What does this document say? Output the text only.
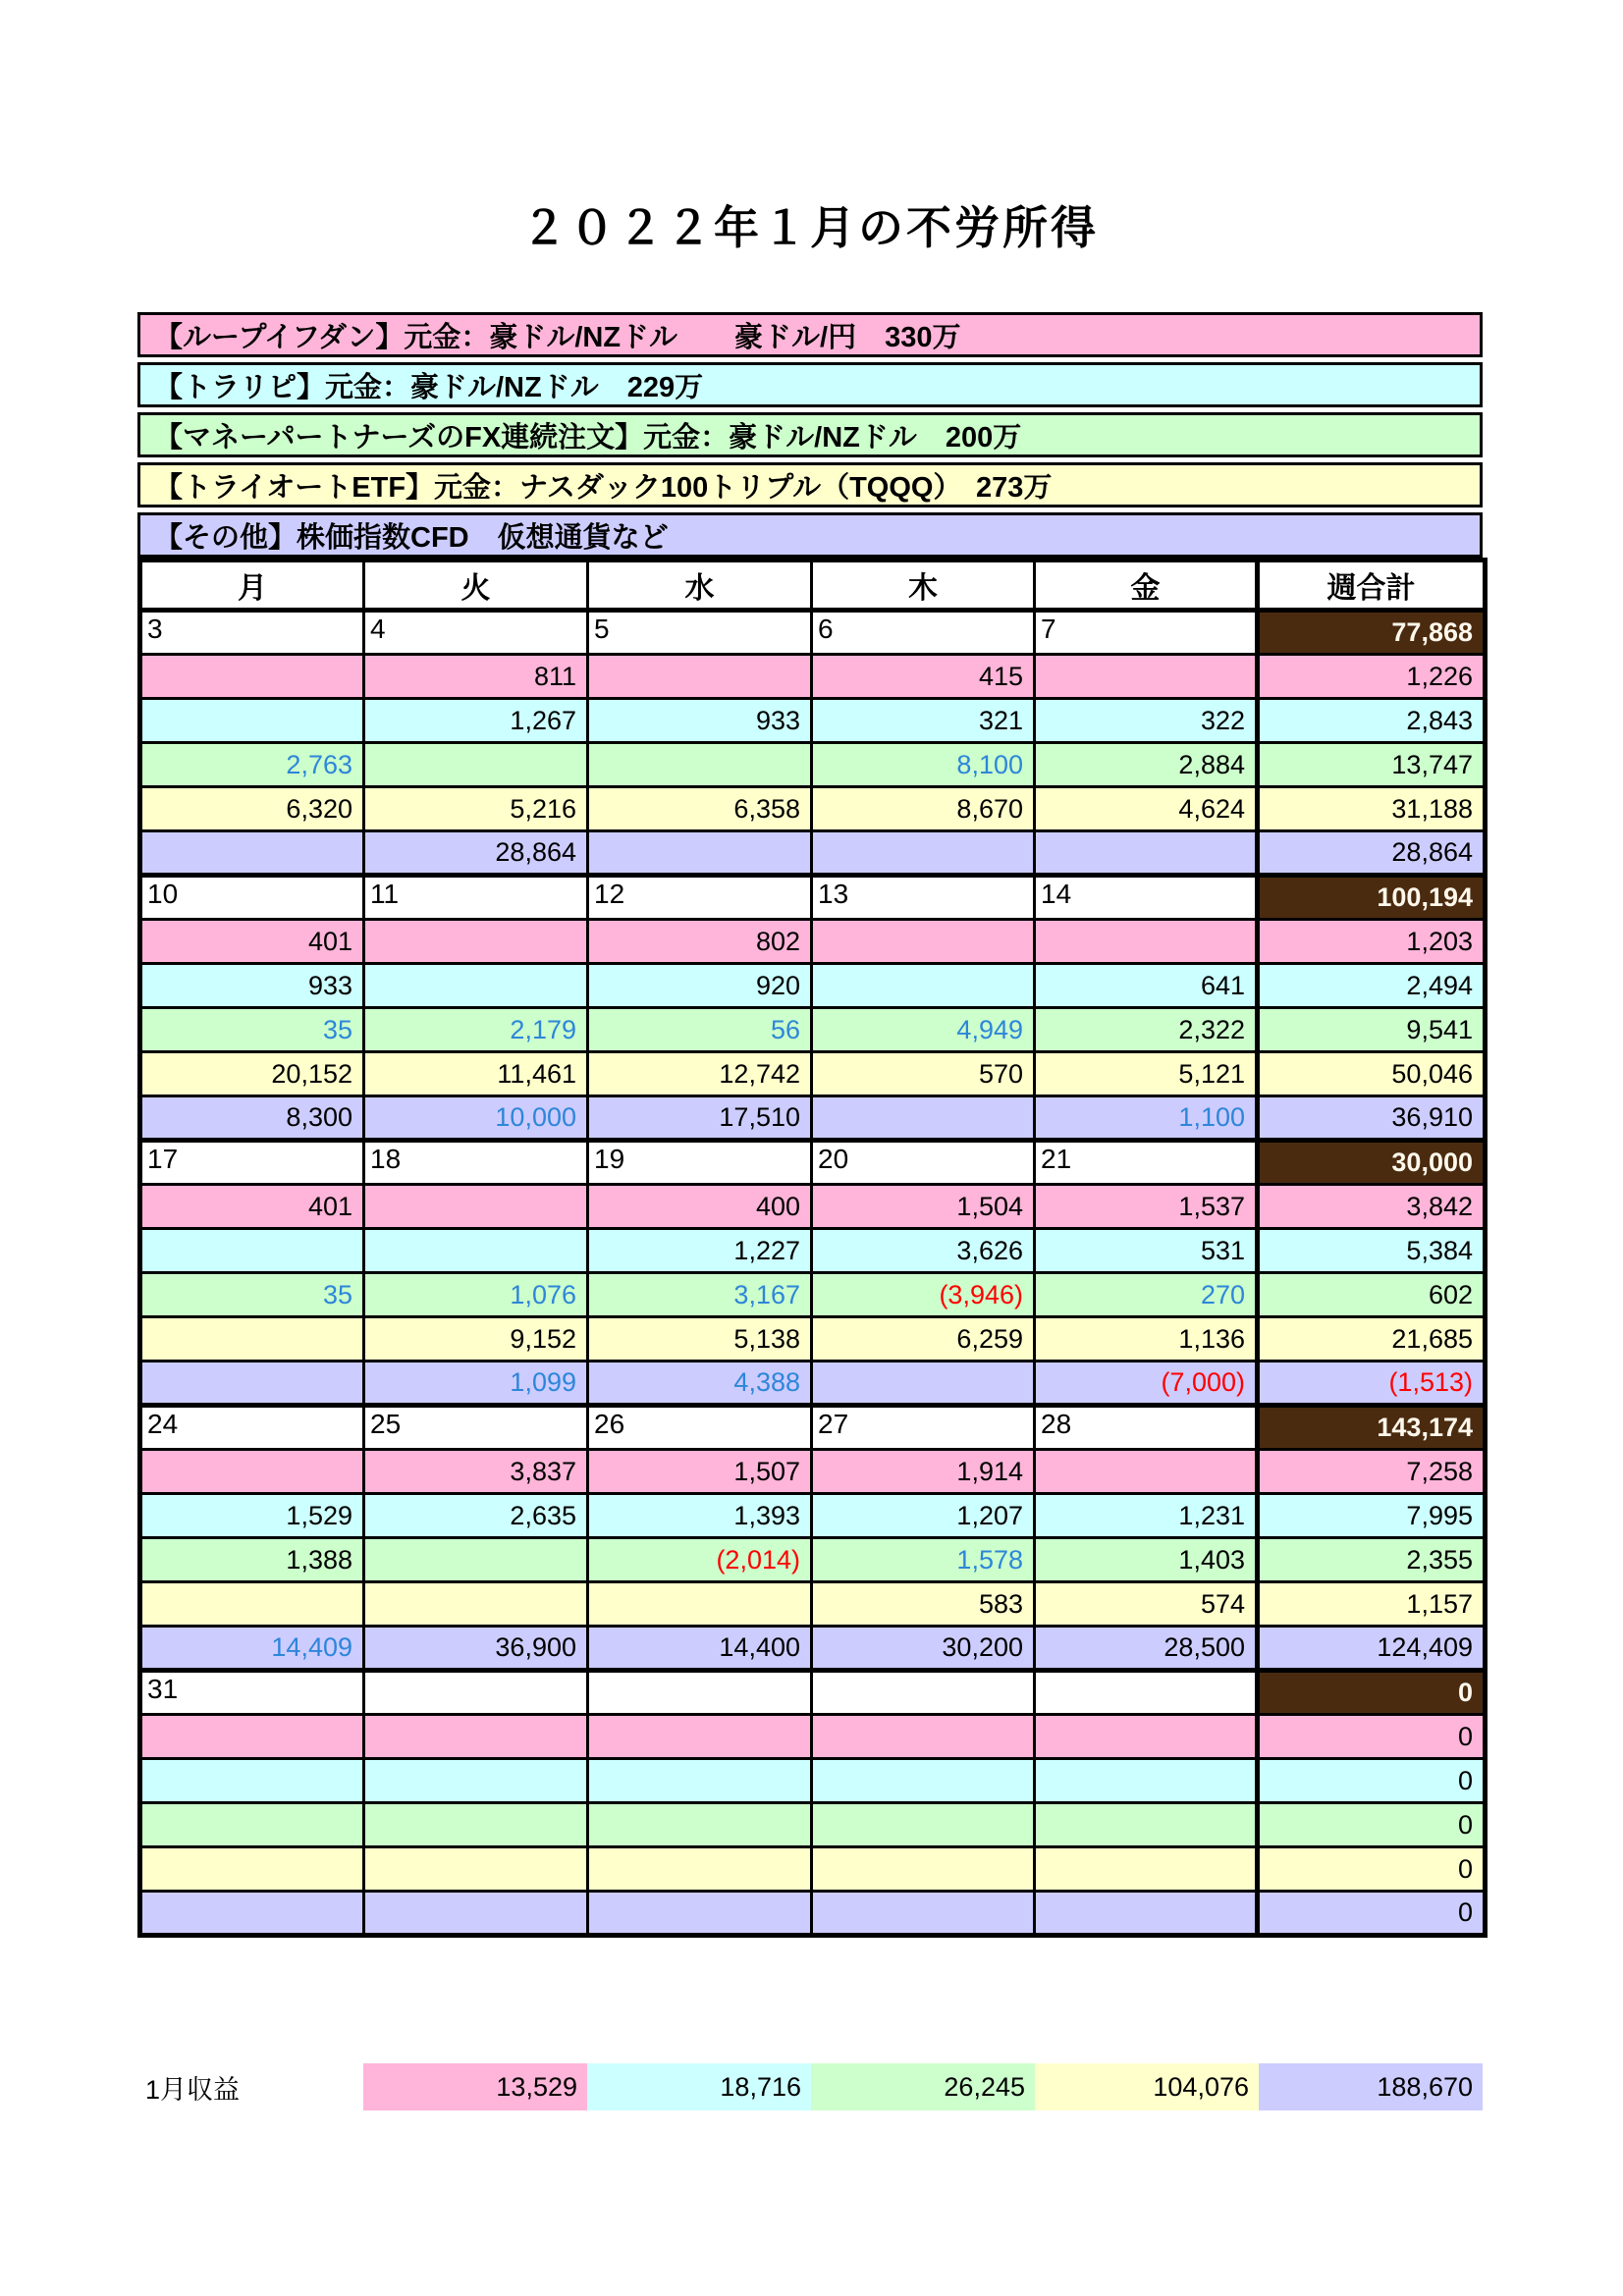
２０２２年１月の不労所得
【ループイフダン】元金：豪ドル/NZドル　　豪ドル/円　330万
【トラリピ】元金：豪ドル/NZドル　229万
【マネーパートナーズのFX連続注文】元金：豪ドル/NZドル　200万
【トライオートETF】元金：ナスダック100トリプル（TQQQ）　273万
【その他】株価指数CFD　仮想通貨など
月	火	水	木	金	週合計
3	4	5	6	7	77,868
	811		415		1,226
	1,267	933	321	322	2,843
2,763			8,100	2,884	13,747
6,320	5,216	6,358	8,670	4,624	31,188
	28,864				28,864
10	11	12	13	14	100,194
401		802			1,203
933		920		641	2,494
35	2,179	56	4,949	2,322	9,541
20,152	11,461	12,742	570	5,121	50,046
8,300	10,000	17,510		1,100	36,910
17	18	19	20	21	30,000
401		400	1,504	1,537	3,842
		1,227	3,626	531	5,384
35	1,076	3,167	(3,946)	270	602
	9,152	5,138	6,259	1,136	21,685
	1,099	4,388		(7,000)	(1,513)
24	25	26	27	28	143,174
	3,837	1,507	1,914		7,258
1,529	2,635	1,393	1,207	1,231	7,995
1,388		(2,014)	1,578	1,403	2,355
			583	574	1,157
14,409	36,900	14,400	30,200	28,500	124,409
31					0
					0
					0
					0
					0
					0
1月収益	13,529	18,716	26,245	104,076	188,670
